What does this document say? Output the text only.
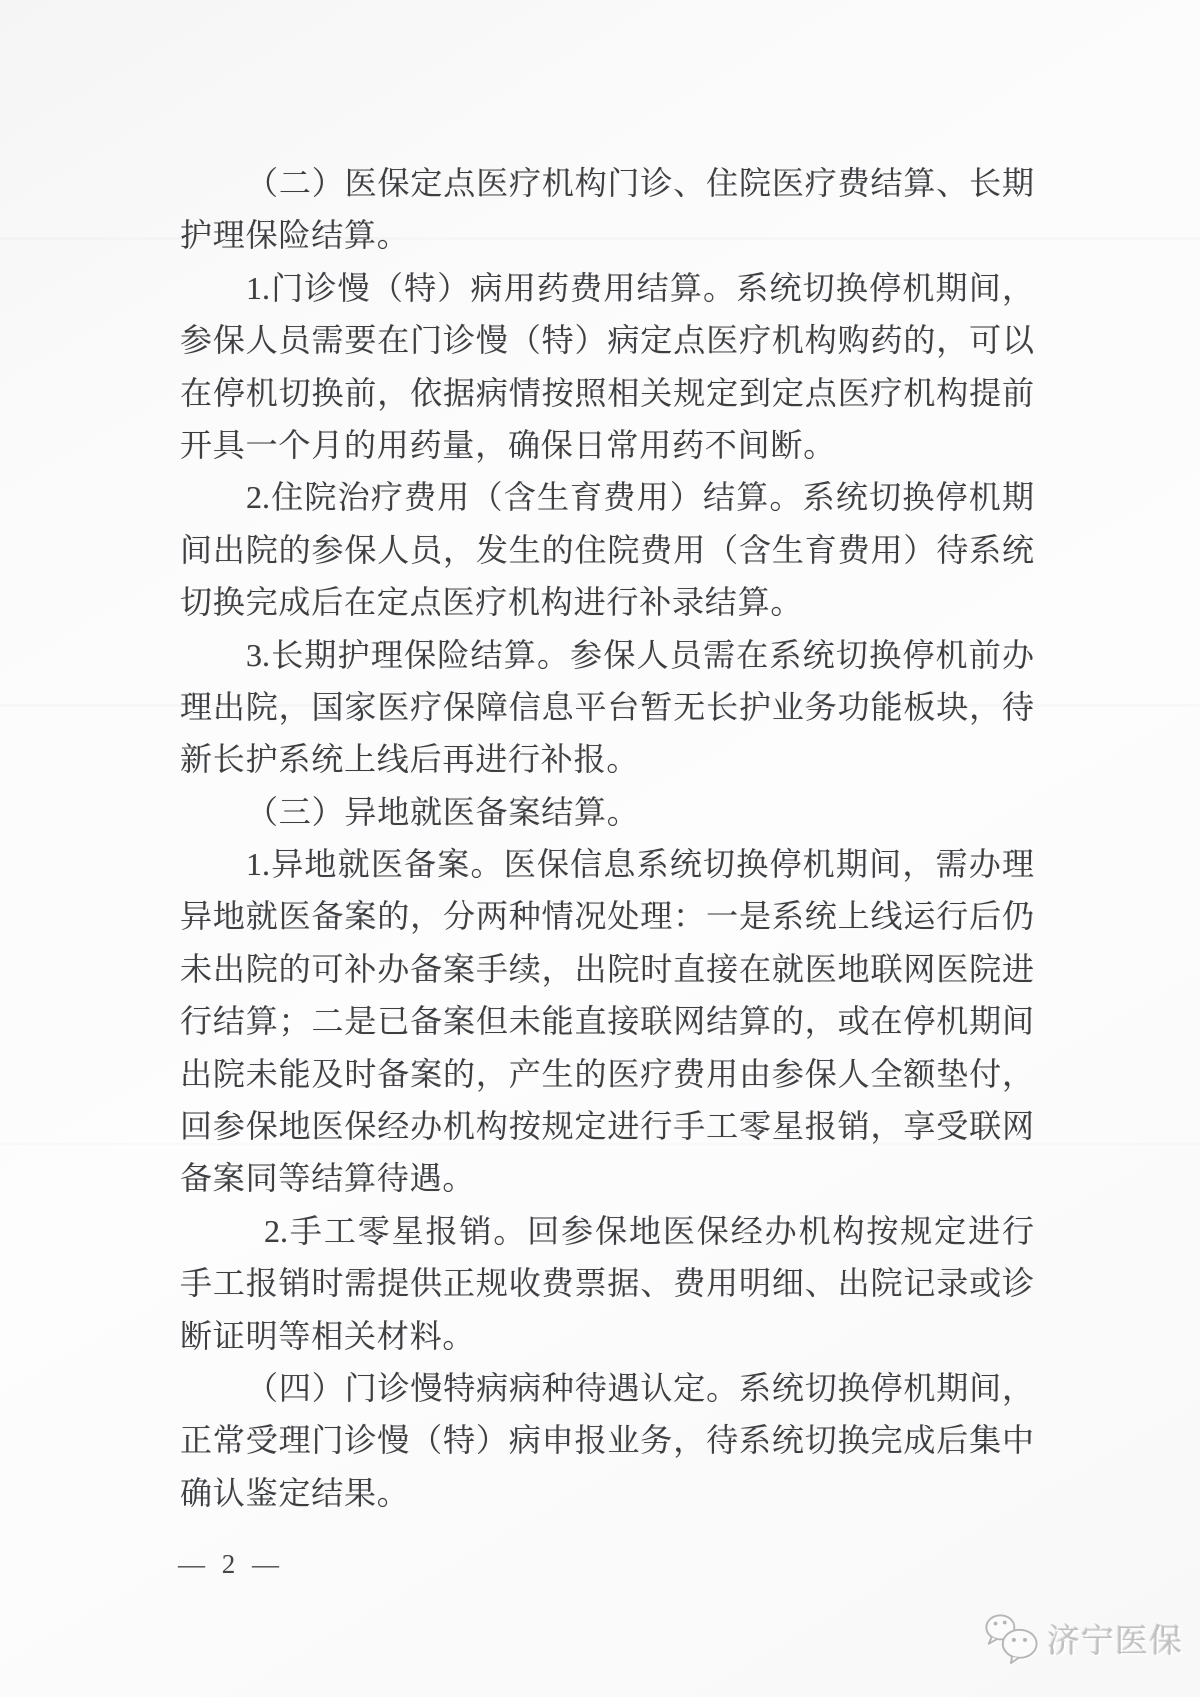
（二）医保定点医疗机构门诊、住院医疗费结算、长期
护理保险结算。
1.门诊慢（特）病用药费用结算。系统切换停机期间，
参保人员需要在门诊慢（特）病定点医疗机构购药的，可以
在停机切换前，依据病情按照相关规定到定点医疗机构提前
开具一个月的用药量，确保日常用药不间断。
2.住院治疗费用（含生育费用）结算。系统切换停机期
间出院的参保人员，发生的住院费用（含生育费用）待系统
切换完成后在定点医疗机构进行补录结算。
3.长期护理保险结算。参保人员需在系统切换停机前办
理出院，国家医疗保障信息平台暂无长护业务功能板块，待
新长护系统上线后再进行补报。
（三）异地就医备案结算。
1.异地就医备案。医保信息系统切换停机期间，需办理
异地就医备案的，分两种情况处理：一是系统上线运行后仍
未出院的可补办备案手续，出院时直接在就医地联网医院进
行结算；二是已备案但未能直接联网结算的，或在停机期间
出院未能及时备案的，产生的医疗费用由参保人全额垫付，
回参保地医保经办机构按规定进行手工零星报销，享受联网
备案同等结算待遇。
2.手工零星报销。回参保地医保经办机构按规定进行
手工报销时需提供正规收费票据、费用明细、出院记录或诊
断证明等相关材料。
（四）门诊慢特病病种待遇认定。系统切换停机期间，
正常受理门诊慢（特）病申报业务，待系统切换完成后集中
确认鉴定结果。
— 2 —
济宁医保
